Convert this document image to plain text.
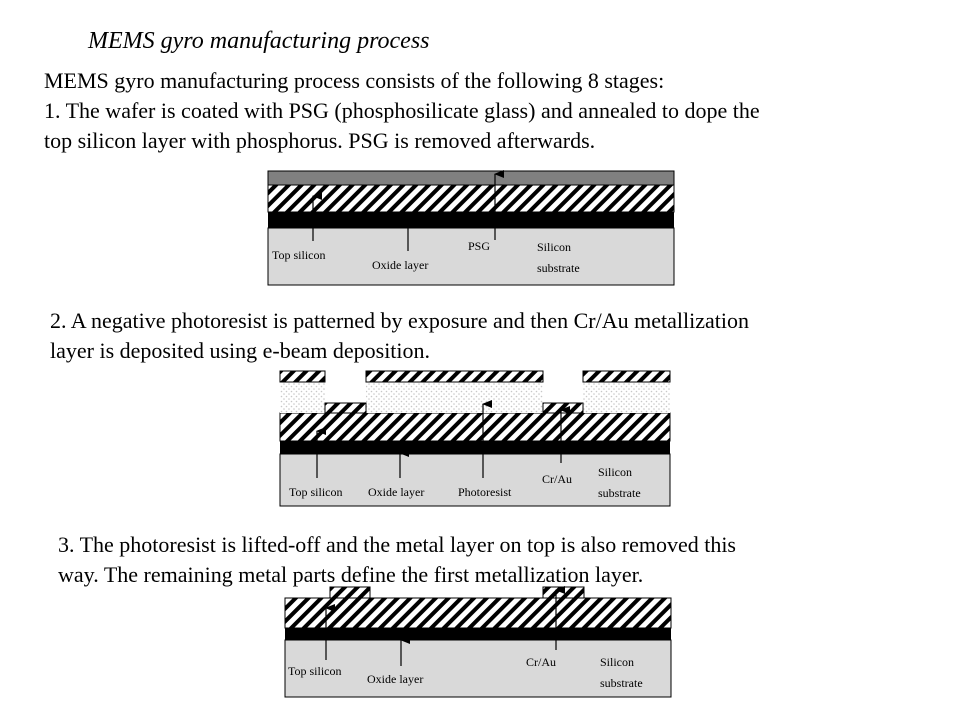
MEMS gyro manufacturing process
MEMS gyro manufacturing process consists of the following 8 stages:
1. The wafer is coated with PSG (phosphosilicate glass) and annealed to dope the
top silicon layer with phosphorus. PSG is removed afterwards.
2. A negative photoresist is patterned by exposure and then Cr/Au metallization
layer is deposited using e-beam deposition.
3. The photoresist is lifted-off and the metal layer on top is also removed this
way. The remaining metal parts define the first metallization layer.
Top silicon
Oxide layer
PSG	Silicon
substrate
Top silicon Oxide layer	Photoresist
Cr/Au Silicon
substrate
Top silicon
Oxide layer
Cr/Au	Silicon
substrate
